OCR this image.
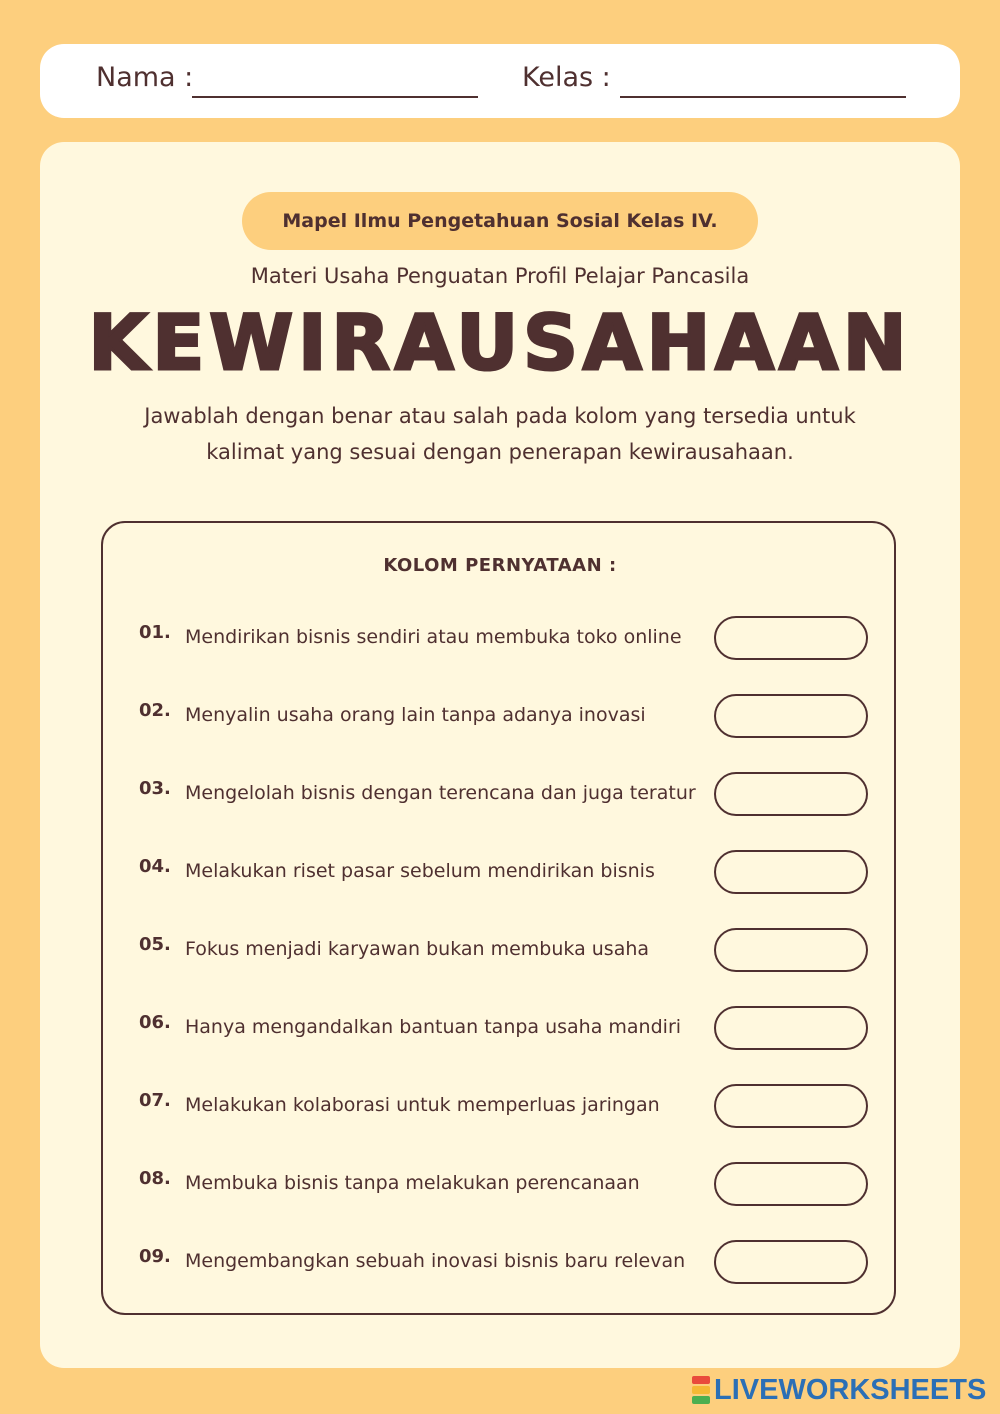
Nama :	Kelas :
Mapel Ilmu Pengetahuan Sosial Kelas IV.
Materi Usaha Penguatan Profil Pelajar Pancasila
KEWIRAUSAHAAN
Jawablah dengan benar atau salah pada kolom yang tersedia untuk
kalimat yang sesuai dengan penerapan kewirausahaan.
KOLOM PERNYATAAN :
01. Mendirikan bisnis sendiri atau membuka toko online
02. Menyalin usaha orang lain tanpa adanya inovasi
03. Mengelolah bisnis dengan terencana dan juga teratur
04. Melakukan riset pasar sebelum mendirikan bisnis
05. Fokus menjadi karyawan bukan membuka usaha
06. Hanya mengandalkan bantuan tanpa usaha mandiri
07. Melakukan kolaborasi untuk memperluas jaringan
08. Membuka bisnis tanpa melakukan perencanaan
09. Mengembangkan sebuah inovasi bisnis baru relevan
LIVEWORKSHEETS
